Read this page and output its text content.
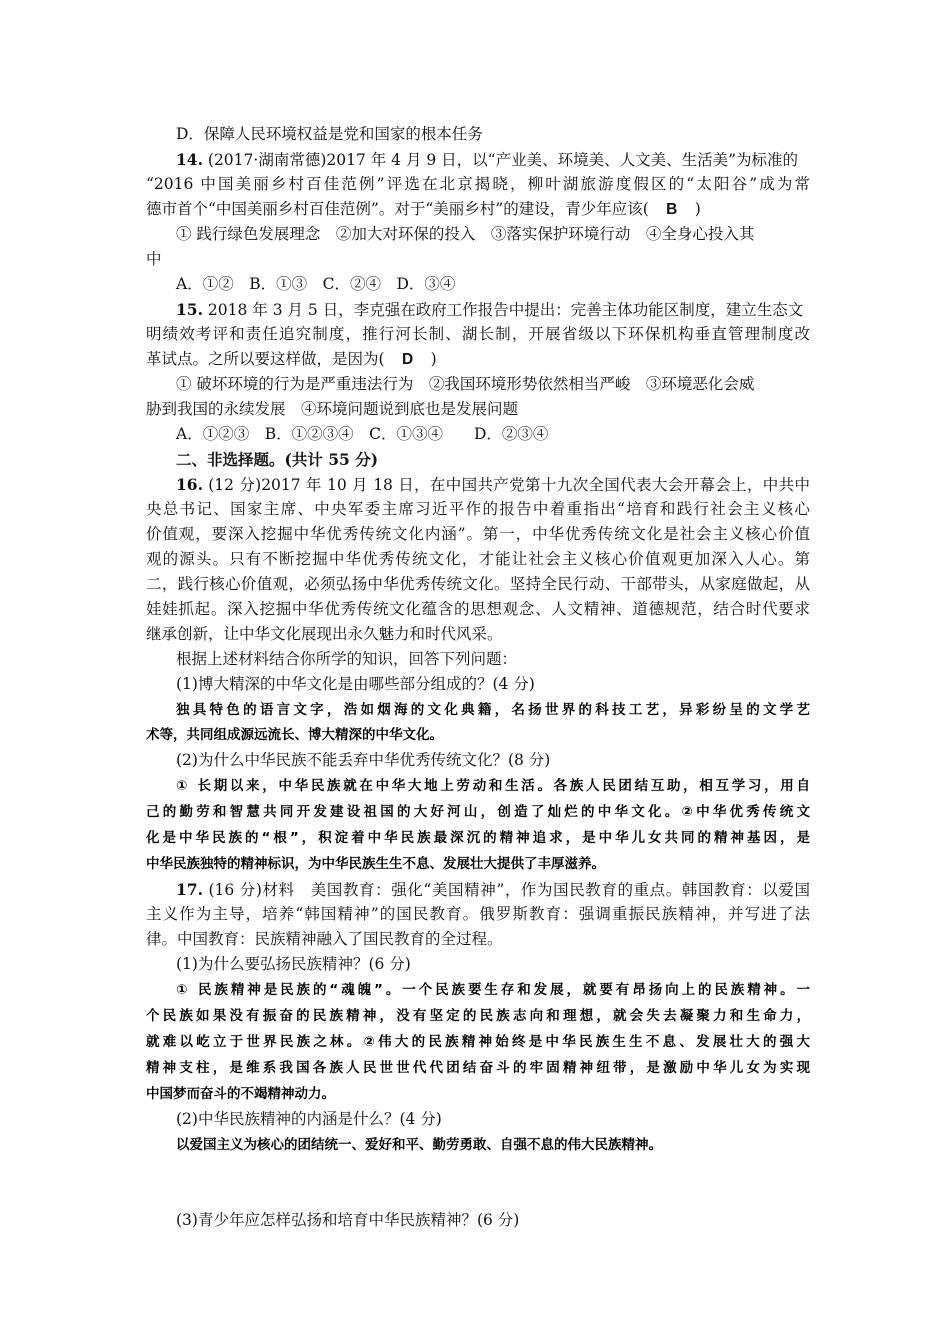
D．保障人民环境权益是党和国家的根本任务
14. (2017·湖南常德)2017 年 4 月 9 日，以“产业美、环境美、人文美、生活美”为标准的
“2016 中国美丽乡村百佳范例”评选在北京揭晓，柳叶湖旅游度假区的“太阳谷”成为常
德市首个“中国美丽乡村百佳范例”。对于“美丽乡村”的建设，青少年应该( B )
① 践行绿色发展理念　②加大对环保的投入　③落实保护环境行动　④全身心投入其
中
A．①②　B．①③　C．②④　D．③④
15. 2018 年 3 月 5 日，李克强在政府工作报告中提出：完善主体功能区制度，建立生态文
明绩效考评和责任追究制度，推行河长制、湖长制，开展省级以下环保机构垂直管理制度改
革试点。之所以要这样做，是因为( D )
① 破坏环境的行为是严重违法行为　②我国环境形势依然相当严峻　③环境恶化会威
胁到我国的永续发展　④环境问题说到底也是发展问题
A．①②③　B．①②③④　C．①③④　　D．②③④
二、非选择题。(共计 55 分)
16. (12 分)2017 年 10 月 18 日，在中国共产党第十九次全国代表大会开幕会上，中共中
央总书记、国家主席、中央军委主席习近平作的报告中着重指出“培育和践行社会主义核心
价值观，要深入挖掘中华优秀传统文化内涵”。第一，中华优秀传统文化是社会主义核心价值
观的源头。只有不断挖掘中华优秀传统文化，才能让社会主义核心价值观更加深入人心。第
二，践行核心价值观，必须弘扬中华优秀传统文化。坚持全民行动、干部带头，从家庭做起，从
娃娃抓起。深入挖掘中华优秀传统文化蕴含的思想观念、人文精神、道德规范，结合时代要求
继承创新，让中华文化展现出永久魅力和时代风采。
根据上述材料结合你所学的知识，回答下列问题：
(1)博大精深的中华文化是由哪些部分组成的？(4 分)
独具特色的语言文字，浩如烟海的文化典籍，名扬世界的科技工艺，异彩纷呈的文学艺
术等，共同组成源远流长、博大精深的中华文化。
(2)为什么中华民族不能丢弃中华优秀传统文化？(8 分)
① 长期以来，中华民族就在中华大地上劳动和生活。各族人民团结互助，相互学习，用自
己的勤劳和智慧共同开发建设祖国的大好河山，创造了灿烂的中华文化。②中华优秀传统文
化是中华民族的“根”，积淀着中华民族最深沉的精神追求，是中华儿女共同的精神基因，是
中华民族独特的精神标识，为中华民族生生不息、发展壮大提供了丰厚滋养。
17. (16 分)材料　美国教育：强化“美国精神”，作为国民教育的重点。韩国教育：以爱国
主义作为主导，培养“韩国精神”的国民教育。俄罗斯教育：强调重振民族精神，并写进了法
律。中国教育：民族精神融入了国民教育的全过程。
(1)为什么要弘扬民族精神？(6 分)
① 民族精神是民族的“魂魄”。一个民族要生存和发展，就要有昂扬向上的民族精神。一
个民族如果没有振奋的民族精神，没有坚定的民族志向和理想，就会失去凝聚力和生命力，
就难以屹立于世界民族之林。②伟大的民族精神始终是中华民族生生不息、发展壮大的强大
精神支柱，是维系我国各族人民世世代代团结奋斗的牢固精神纽带，是激励中华儿女为实现
中国梦而奋斗的不竭精神动力。
(2)中华民族精神的内涵是什么？(4 分)
以爱国主义为核心的团结统一、爱好和平、勤劳勇敢、自强不息的伟大民族精神。
(3)青少年应怎样弘扬和培育中华民族精神？(6 分)
